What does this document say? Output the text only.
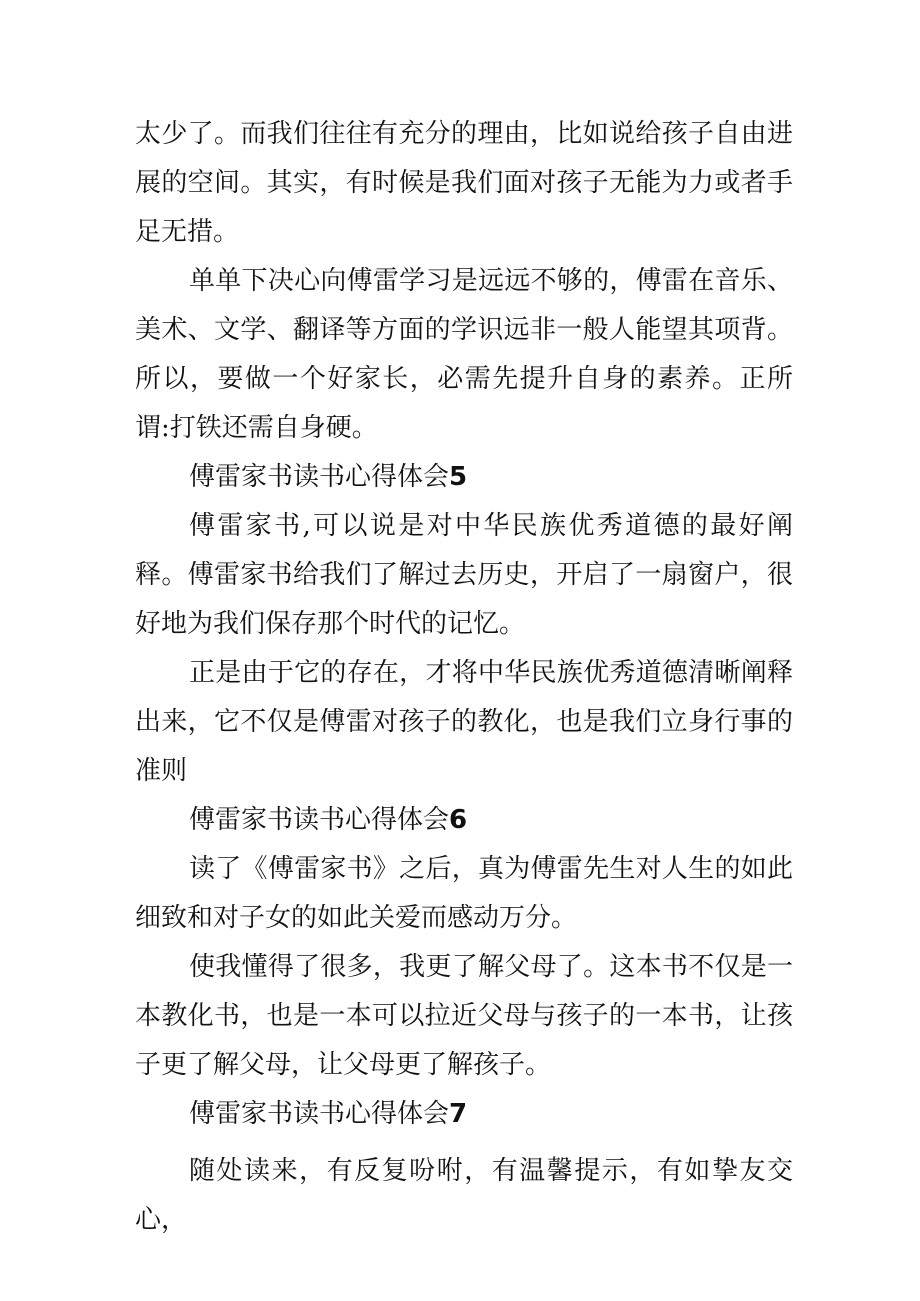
太少了。而我们往往有充分的理由，比如说给孩子自由进展的空间。其实，有时候是我们面对孩子无能为力或者手足无措。

单单下决心向傅雷学习是远远不够的，傅雷在音乐、美术、文学、翻译等方面的学识远非一般人能望其项背。所以，要做一个好家长，必需先提升自身的素养。正所谓:打铁还需自身硬。

傅雷家书读书心得体会5

傅雷家书,可以说是对中华民族优秀道德的最好阐释。傅雷家书给我们了解过去历史，开启了一扇窗户，很好地为我们保存那个时代的记忆。

正是由于它的存在，才将中华民族优秀道德清晰阐释出来，它不仅是傅雷对孩子的教化，也是我们立身行事的准则

傅雷家书读书心得体会6

读了《傅雷家书》之后，真为傅雷先生对人生的如此细致和对子女的如此关爱而感动万分。

使我懂得了很多，我更了解父母了。这本书不仅是一本教化书，也是一本可以拉近父母与孩子的一本书，让孩子更了解父母，让父母更了解孩子。

傅雷家书读书心得体会7

随处读来，有反复吩咐，有温馨提示，有如挚友交心，
